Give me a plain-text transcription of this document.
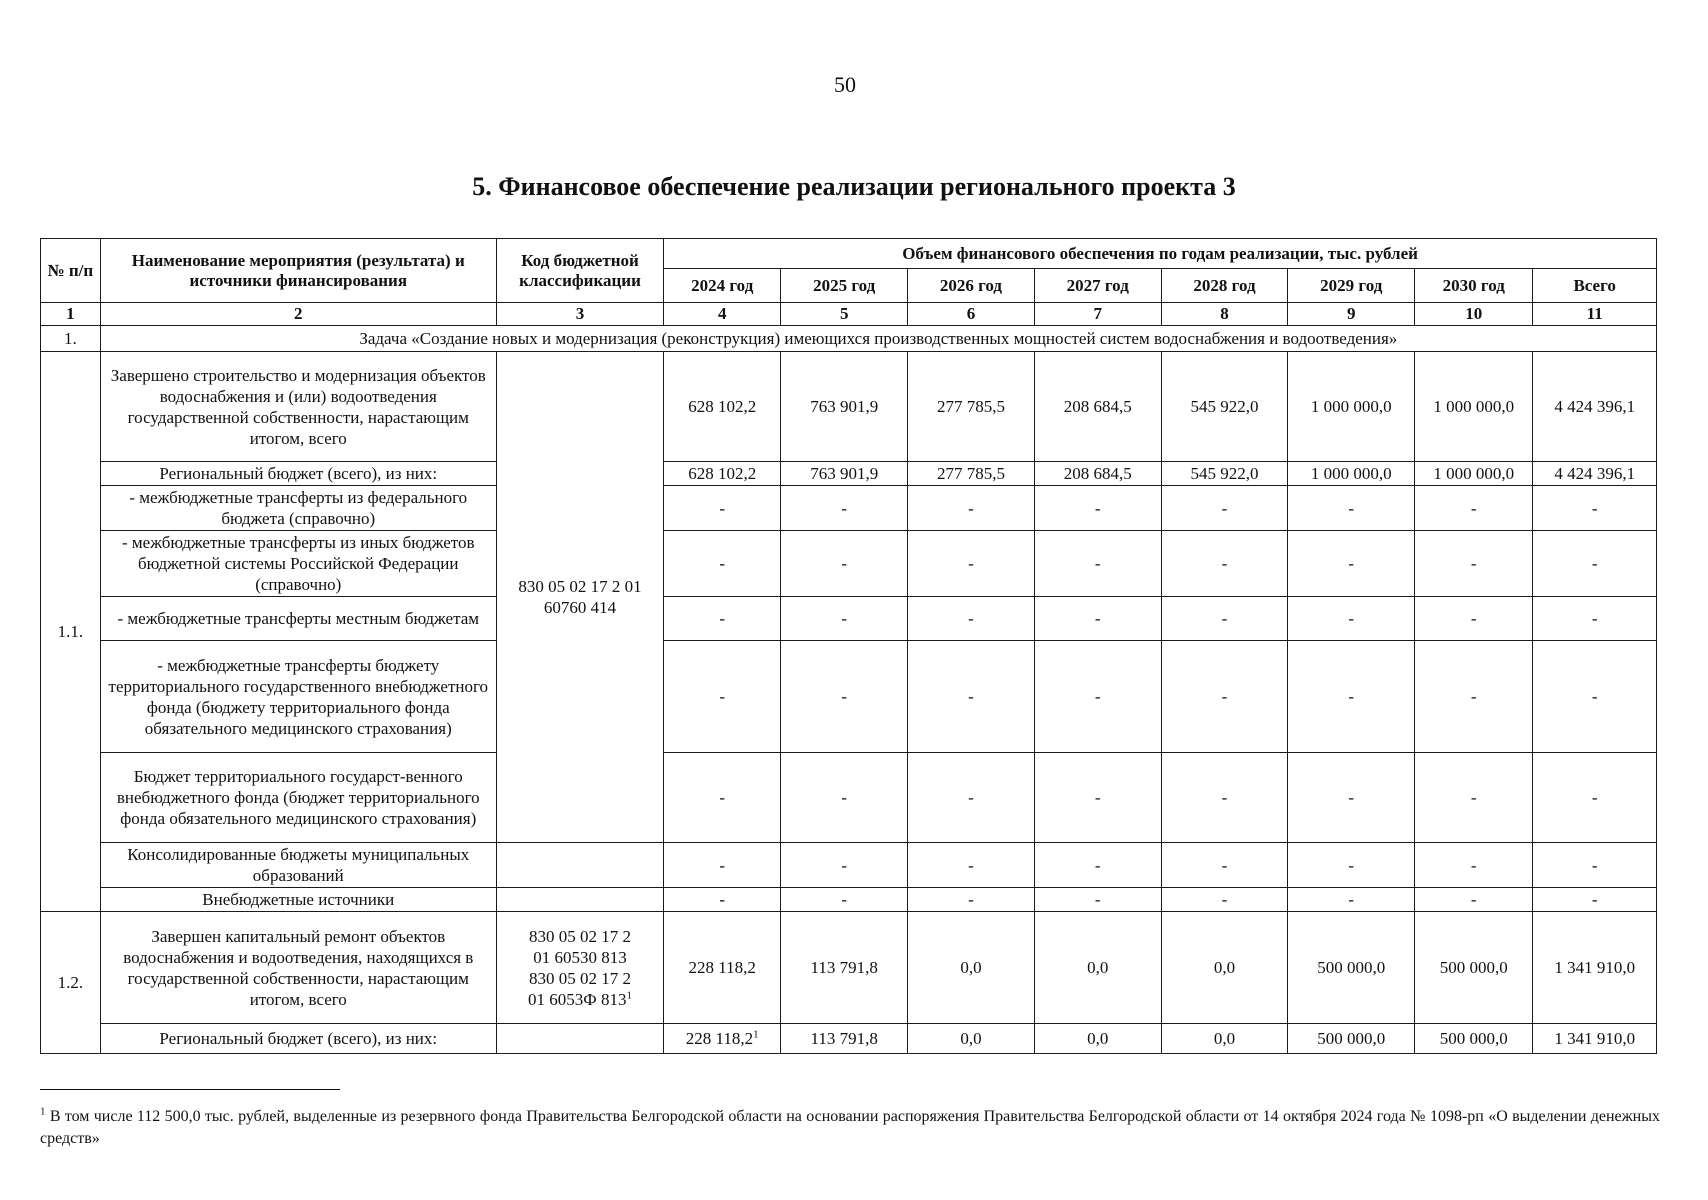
50
5. Финансовое обеспечение реализации регионального проекта 3
№ п/п	Наименование мероприятия (результата) и источники финансирования	Код бюджетной классификации	Объем финансового обеспечения по годам реализации, тыс. рублей							
			2024 год	2025 год	2026 год	2027 год	2028 год	2029 год	2030 год	Всего
1	2	3	4	5	6	7	8	9	10	11
1.	Задача «Создание новых и модернизация (реконструкция) имеющихся производственных мощностей систем водоснабжения и водоотведения»									
1.1.	Завершено строительство и модернизация объектов водоснабжения и (или) водоотведения государственной собственности, нарастающим итогом, всего	830 05 02 17 2 01 60760 414	628 102,2	763 901,9	277 785,5	208 684,5	545 922,0	1 000 000,0	1 000 000,0	4 424 396,1
	Региональный бюджет (всего), из них:		628 102,2	763 901,9	277 785,5	208 684,5	545 922,0	1 000 000,0	1 000 000,0	4 424 396,1
	- межбюджетные трансферты из федерального бюджета (справочно)		-	-	-	-	-	-	-	-
	- межбюджетные трансферты из иных бюджетов бюджетной системы Российской Федерации (справочно)		-	-	-	-	-	-	-	-
	- межбюджетные трансферты местным бюджетам		-	-	-	-	-	-	-	-
	- межбюджетные трансферты бюджету территориального государственного внебюджетного фонда (бюджету территориального фонда обязательного медицинского страхования)		-	-	-	-	-	-	-	-
	Бюджет территориального государст-венного внебюджетного фонда (бюджет территориального фонда обязательного медицинского страхования)		-	-	-	-	-	-	-	-
	Консолидированные бюджеты муниципальных образований		-	-	-	-	-	-	-	-
	Внебюджетные источники		-	-	-	-	-	-	-	-
1.2.	Завершен капитальный ремонт объектов водоснабжения и водоотведения, находящихся в государственной собственности, нарастающим итогом, всего	830 05 02 17 2
01 60530 813
830 05 02 17 2
01 6053Ф $813^1$	228 118,2	113 791,8	0,0	0,0	0,0	500 000,0	500 000,0	1 341 910,0
	Региональный бюджет (всего), из них:		228 118,2$^1$	113 791,8	0,0	0,0	0,0	500 000,0	500 000,0	1 341 910,0
$^1$ В том числе 112 500,0 тыс. рублей, выделенные из резервного фонда Правительства Белгородской области на основании распоряжения Правительства Белгородской области от 14 октября 2024 года № 1098-рп «О выделении денежных средств»
